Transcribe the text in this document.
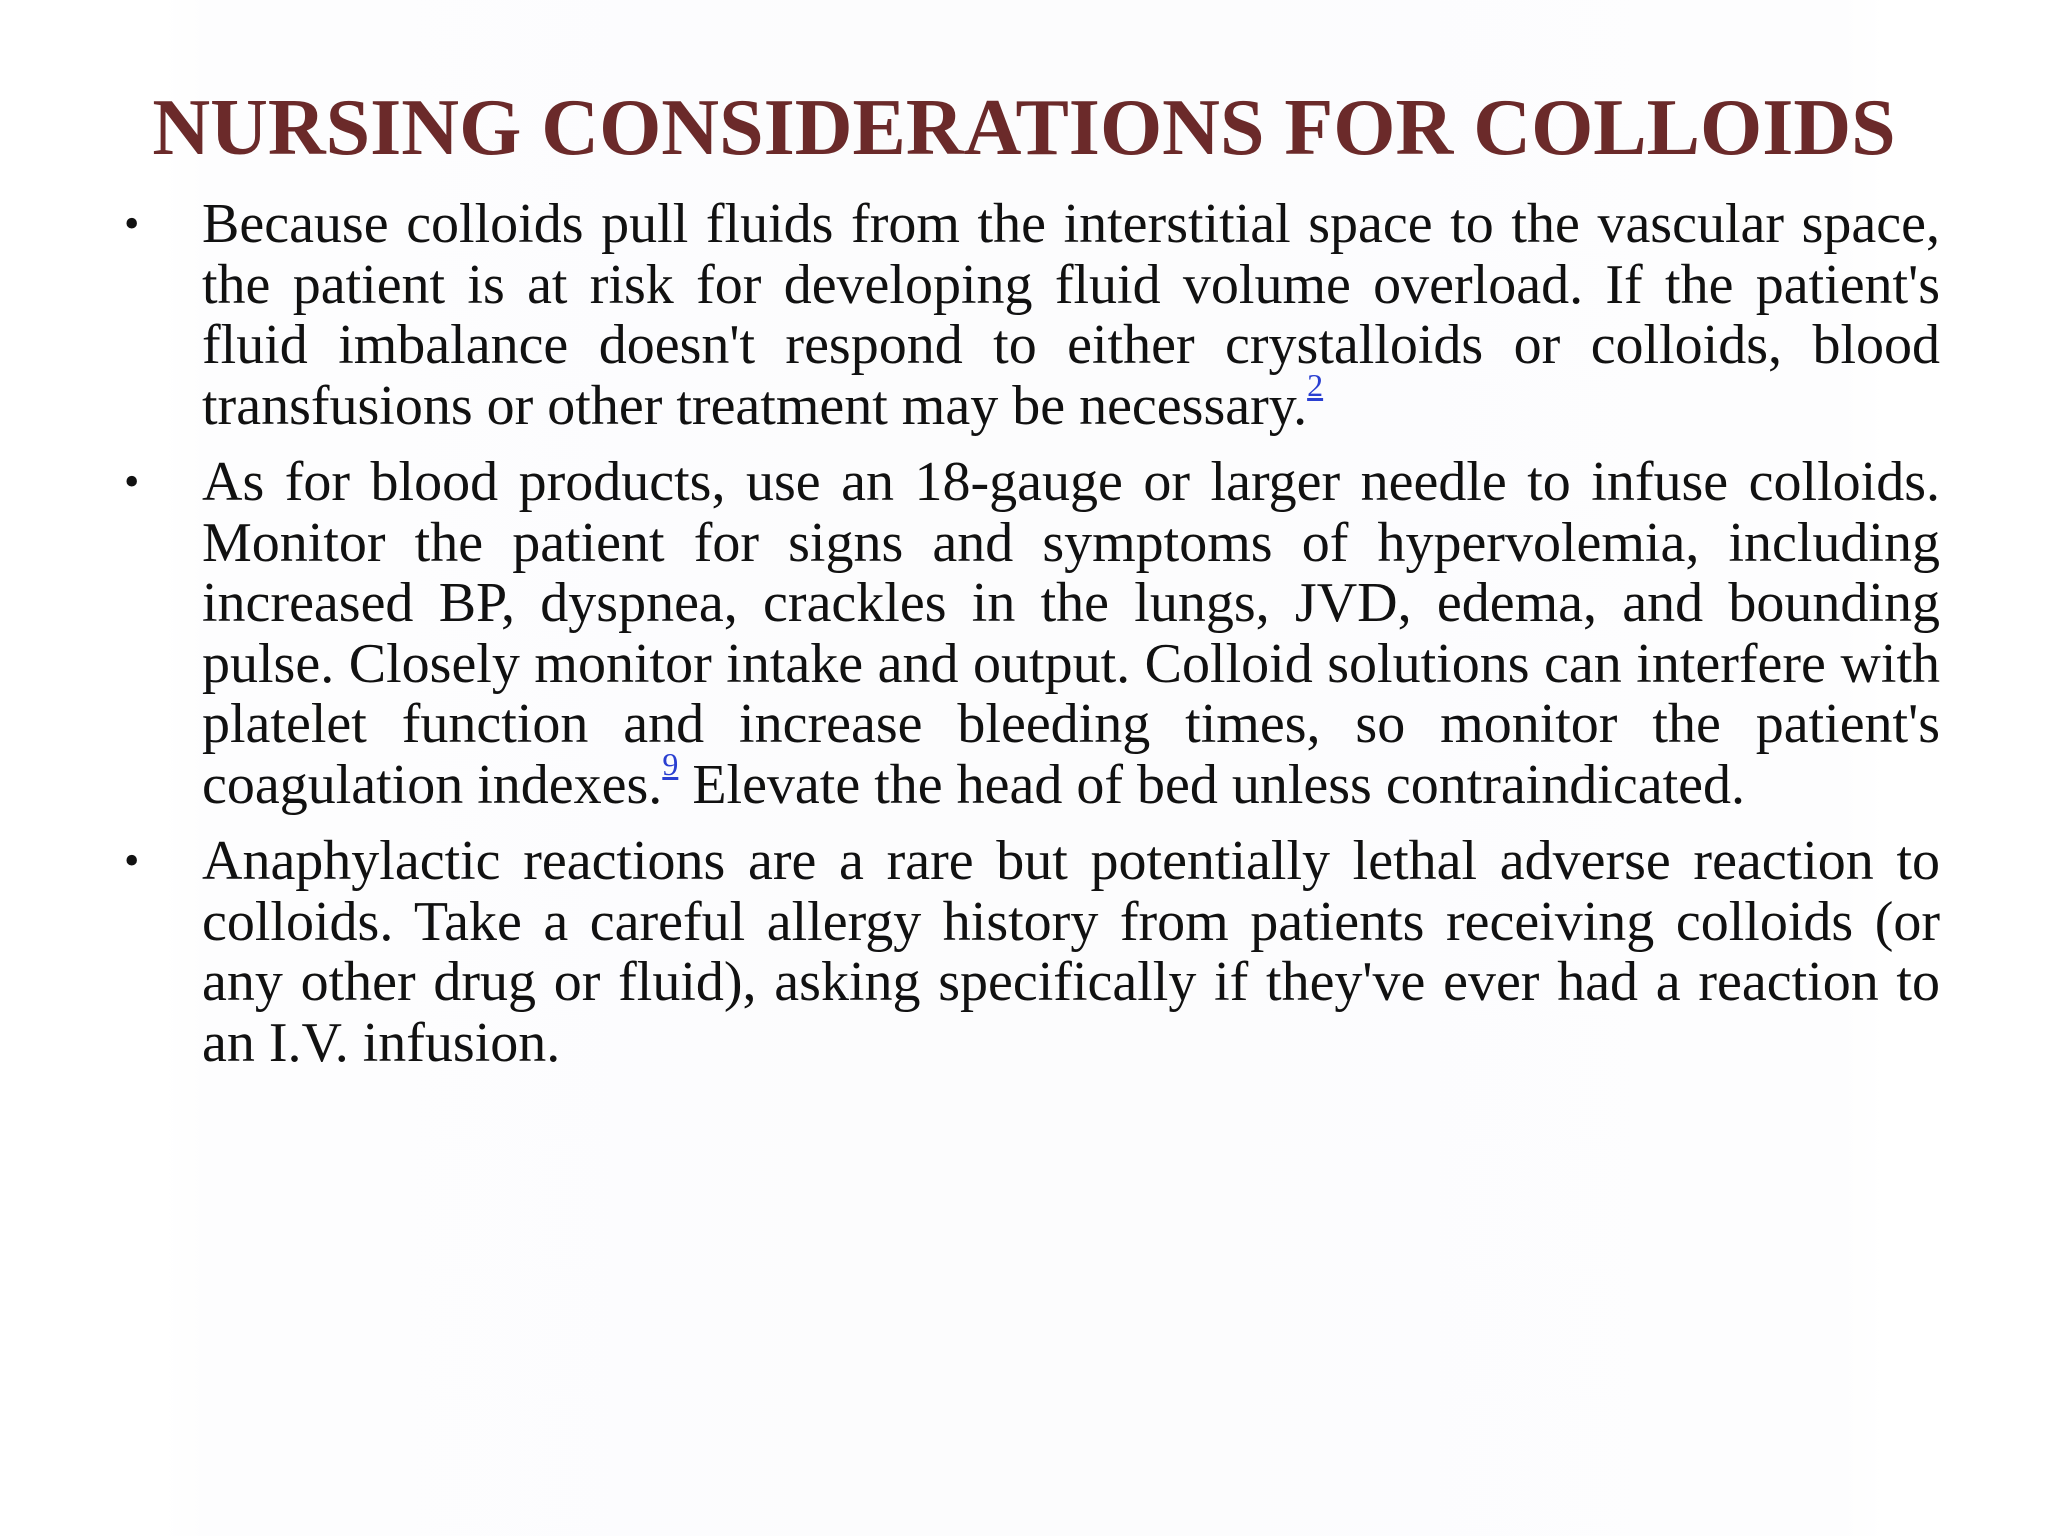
NURSING CONSIDERATIONS FOR COLLOIDS
• Because colloids pull fluids from the interstitial space to the vascular space, the patient is at risk for developing fluid volume overload. If the patient's fluid imbalance doesn't respond to either crystalloids or colloids, blood transfusions or other treatment may be necessary.$^2$
• As for blood products, use an 18-gauge or larger needle to infuse colloids. Monitor the patient for signs and symptoms of hypervolemia, including increased BP, dyspnea, crackles in the lungs, JVD, edema, and bounding pulse. Closely monitor intake and output. Colloid solutions can interfere with platelet function and increase bleeding times, so monitor the patient's coagulation indexes.$^9$ Elevate the head of bed unless contraindicated.
• Anaphylactic reactions are a rare but potentially lethal adverse reaction to colloids. Take a careful allergy history from patients receiving colloids (or any other drug or fluid), asking specifically if they've ever had a reaction to an I.V. infusion.
